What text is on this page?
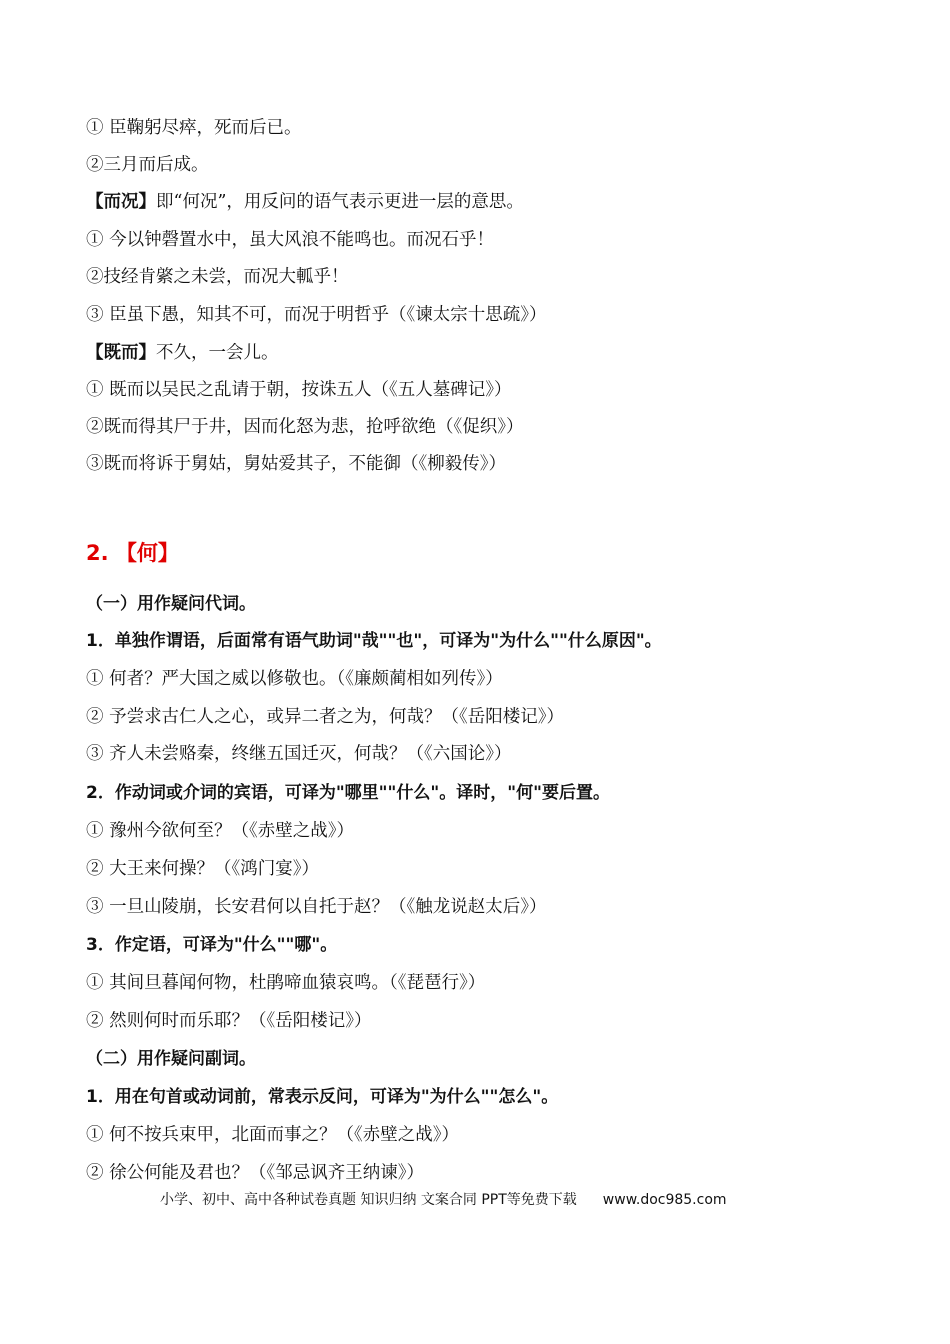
① 臣鞠躬尽瘁，死而后已。
②三月而后成。
【而况】即“何况”，用反问的语气表示更进一层的意思。
① 今以钟磬置水中，虽大风浪不能鸣也。而况石乎！
②技经肯綮之未尝，而况大軱乎！
③ 臣虽下愚，知其不可，而况于明哲乎（《谏太宗十思疏》）
【既而】不久，一会儿。
① 既而以吴民之乱请于朝，按诛五人（《五人墓碑记》）
②既而得其尸于井，因而化怒为悲，抢呼欲绝（《促织》）
③既而将诉于舅姑，舅姑爱其子，不能御（《柳毅传》）
2. 【何】
（一）用作疑问代词。
1．单独作谓语，后面常有语气助词"哉""也"，可译为"为什么""什么原因"。
① 何者？严大国之威以修敬也。（《廉颇蔺相如列传》）
② 予尝求古仁人之心，或异二者之为，何哉？（《岳阳楼记》）
③ 齐人未尝赂秦，终继五国迁灭，何哉？（《六国论》）
2．作动词或介词的宾语，可译为"哪里""什么"。译时，"何"要后置。
① 豫州今欲何至？（《赤壁之战》）
② 大王来何操？（《鸿门宴》）
③ 一旦山陵崩，长安君何以自托于赵？（《触龙说赵太后》）
3．作定语，可译为"什么""哪"。
① 其间旦暮闻何物，杜鹃啼血猿哀鸣。（《琵琶行》）
② 然则何时而乐耶？（《岳阳楼记》）
（二）用作疑问副词。
1．用在句首或动词前，常表示反问，可译为"为什么""怎么"。
① 何不按兵束甲，北面而事之？（《赤壁之战》）
② 徐公何能及君也？（《邹忌讽齐王纳谏》）
小学、初中、高中各种试卷真题 知识归纳 文案合同 PPT等免费下载 www.doc985.com
